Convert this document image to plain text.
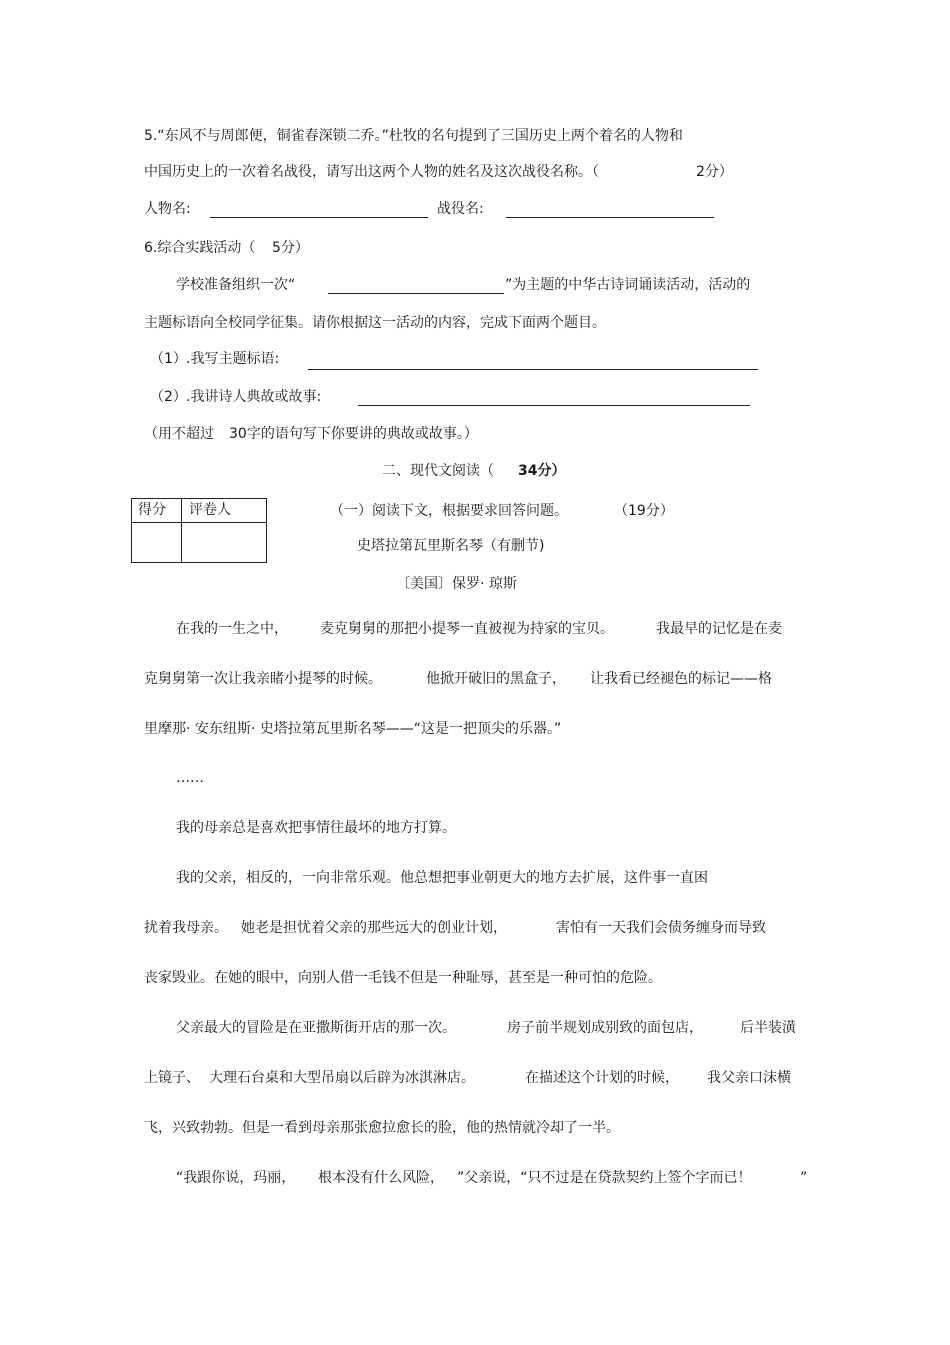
5.“东风不与周郎便，铜雀春深锁二乔。”杜牧的名句提到了三国历史上两个着名的人物和
中国历史上的一次着名战役，请写出这两个人物的姓名及这次战役名称。（	2分）
人物名:	战役名:
6.综合实践活动（ 5分）
学校准备组织一次“	”为主题的中华古诗词诵读活动，活动的
主题标语向全校同学征集。请你根据这一活动的内容，完成下面两个题目。
（1） .我写主题标语:
（2） .我讲诗人典故或故事:
（用不超过 30字的语句写下你要讲的典故或故事。）
二、现代文阅读（ 34分）
得分 评卷人	（一）阅读下文，根据要求回答问题。	（19分）
史塔拉第瓦里斯名琴（有删节)
〔美国〕保罗· 琼斯
在我的一生之中， 麦克舅舅的那把小提琴一直被视为持家的宝贝。	我最早的记忆是在麦
克舅舅第一次让我亲睹小提琴的时候。	他掀开破旧的黑盒子， 让我看已经褪色的标记——格
里摩那· 安东纽斯· 史塔拉第瓦里斯名琴——“这是一把顶尖的乐器。”
……
我的母亲总是喜欢把事情往最坏的地方打算。
我的父亲，相反的，一向非常乐观。他总想把事业朝更大的地方去扩展，这件事一直困
扰着我母亲。 她老是担忧着父亲的那些远大的创业计划，	害怕有一天我们会债务缠身而导致
丧家毁业。在她的眼中，向别人借一毛钱不但是一种耻辱，甚至是一种可怕的危险。
父亲最大的冒险是在亚撒斯街开店的那一次。	房子前半规划成别致的面包店，	后半装潢
上镜子、 大理石台桌和大型吊扇以后辟为冰淇淋店。	在描述这个计划的时候， 我父亲口沫横
飞，兴致勃勃。但是一看到母亲那张愈拉愈长的脸，他的热情就冷却了一半。
“我跟你说，玛丽， 根本没有什么风险， ”父亲说，“只不过是在贷款契约上签个字而已！	”
